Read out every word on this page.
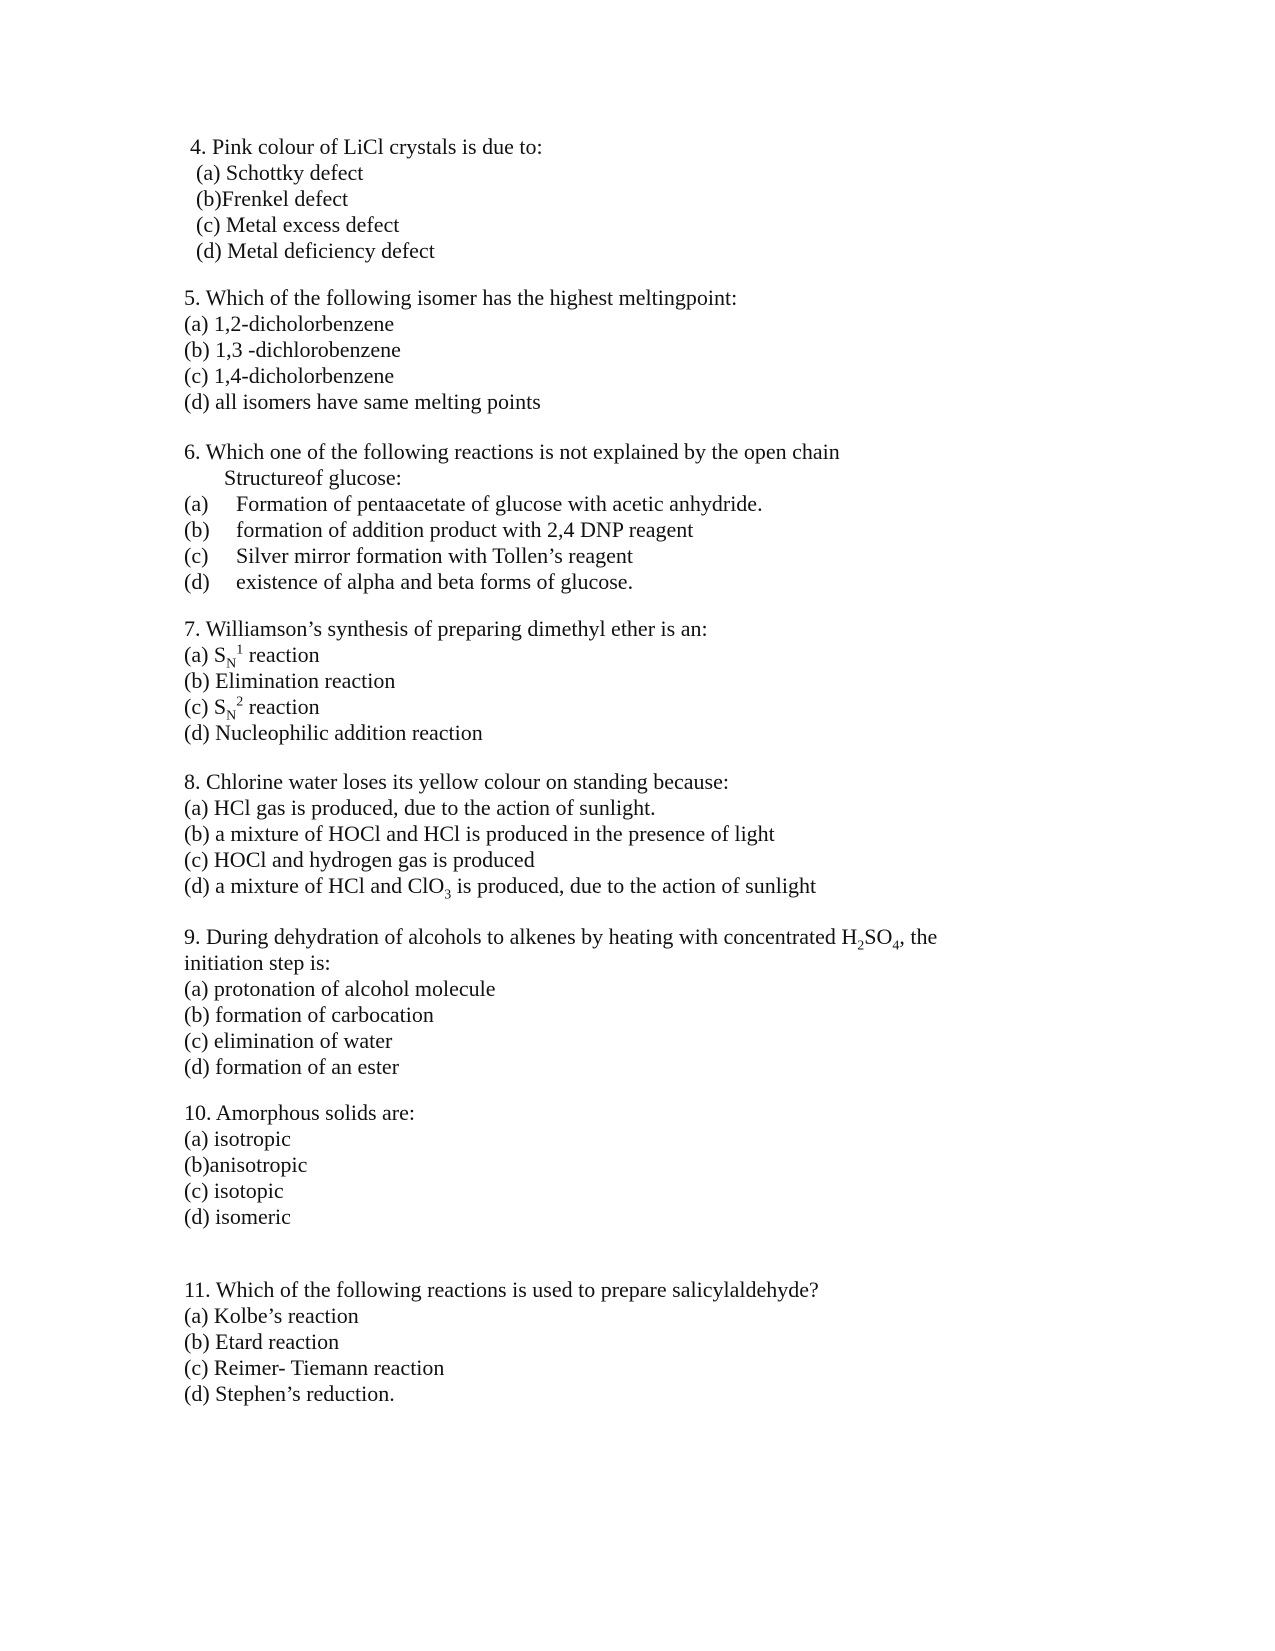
4. Pink colour of LiCl crystals is due to:
(a) Schottky defect
(b)Frenkel defect
(c) Metal excess defect
(d) Metal deficiency defect
5. Which of the following isomer has the highest meltingpoint:
(a) 1,2-dicholorbenzene
(b) 1,3 -dichlorobenzene
(c) 1,4-dicholorbenzene
(d) all isomers have same melting points
6. Which one of the following reactions is not explained by the open chain
Structureof glucose:
(a) Formation of pentaacetate of glucose with acetic anhydride.
(b) formation of addition product with 2,4 DNP reagent
(c) Silver mirror formation with Tollen’s reagent
(d) existence of alpha and beta forms of glucose.
7. Williamson’s synthesis of preparing dimethyl ether is an:
(a) $S_N^1$ reaction
(b) Elimination reaction
(c) $S_N^2$ reaction
(d) Nucleophilic addition reaction
8. Chlorine water loses its yellow colour on standing because:
(a) HCl gas is produced, due to the action of sunlight.
(b) a mixture of HOCl and HCl is produced in the presence of light
(c) HOCl and hydrogen gas is produced
(d) a mixture of HCl and ClO$_3$ is produced, due to the action of sunlight
9. During dehydration of alcohols to alkenes by heating with concentrated $H_2SO_4$, the
initiation step is:
(a) protonation of alcohol molecule
(b) formation of carbocation
(c) elimination of water
(d) formation of an ester
10. Amorphous solids are:
(a) isotropic
(b)anisotropic
(c) isotopic
(d) isomeric
11. Which of the following reactions is used to prepare salicylaldehyde?
(a) Kolbe’s reaction
(b) Etard reaction
(c) Reimer- Tiemann reaction
(d) Stephen’s reduction.
